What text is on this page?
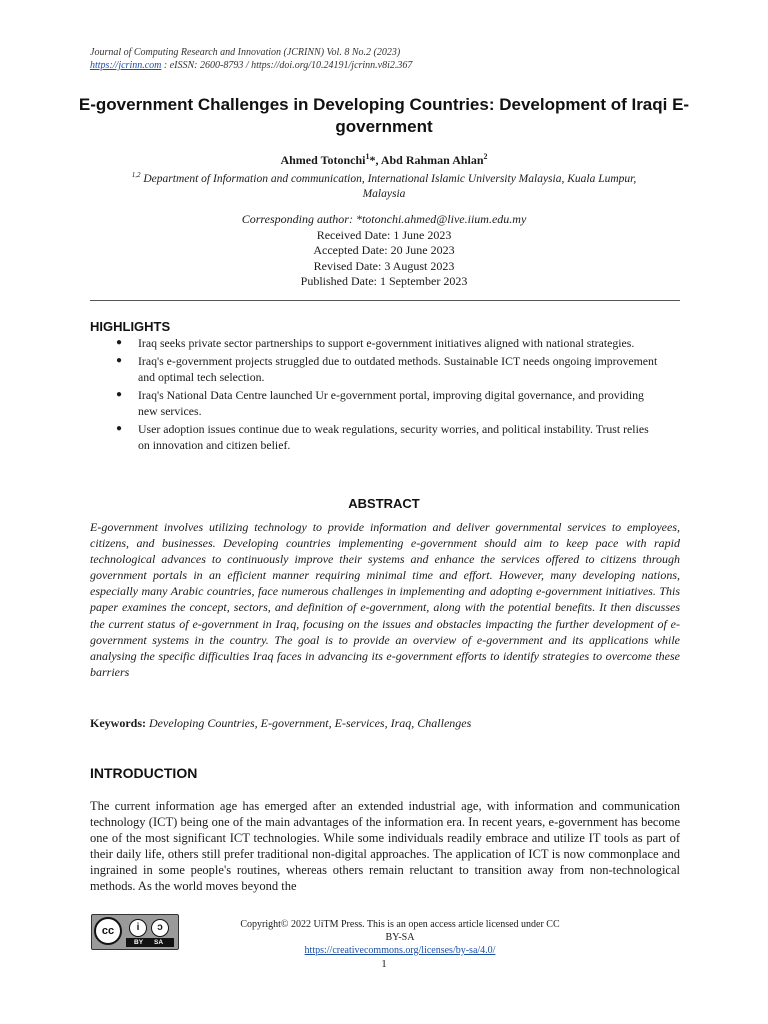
Journal of Computing Research and Innovation (JCRINN) Vol. 8 No.2 (2023)
https://jcrinn.com : eISSN: 2600-8793 / https://doi.org/10.24191/jcrinn.v8i2.367
E-government Challenges in Developing Countries: Development of Iraqi E-government
Ahmed Totonchi$^1$*, Abd Rahman Ahlan$^2$
$^{1,2}$ Department of Information and communication, International Islamic University Malaysia, Kuala Lumpur, Malaysia
Corresponding author: *totonchi.ahmed@live.iium.edu.my
Received Date: 1 June 2023
Accepted Date: 20 June 2023
Revised Date: 3 August 2023
Published Date: 1 September 2023
HIGHLIGHTS
● Iraq seeks private sector partnerships to support e-government initiatives aligned with national strategies.
● Iraq's e-government projects struggled due to outdated methods. Sustainable ICT needs ongoing improvement and optimal tech selection.
● Iraq's National Data Centre launched Ur e-government portal, improving digital governance, and providing new services.
● User adoption issues continue due to weak regulations, security worries, and political instability. Trust relies on innovation and citizen belief.
ABSTRACT
E-government involves utilizing technology to provide information and deliver governmental services to employees, citizens, and businesses. Developing countries implementing e-government should aim to keep pace with rapid technological advances to continuously improve their systems and enhance the services offered to citizens through government portals in an efficient manner requiring minimal time and effort. However, many developing nations, especially many Arabic countries, face numerous challenges in implementing and adopting e-government initiatives. This paper examines the concept, sectors, and definition of e-government, along with the potential benefits. It then discusses the current status of e-government in Iraq, focusing on the issues and obstacles impacting the further development of e-government systems in the country. The goal is to provide an overview of e-government and its applications while analysing the specific difficulties Iraq faces in advancing its e-government efforts to identify strategies to overcome these barriers
Keywords: Developing Countries, E-government, E-services, Iraq, Challenges
INTRODUCTION
The current information age has emerged after an extended industrial age, with information and communication technology (ICT) being one of the main advantages of the information era. In recent years, e-government has become one of the most significant ICT technologies. While some individuals readily embrace and utilize IT tools as part of their daily life, others still prefer traditional non-digital approaches. The application of ICT is now commonplace and ingrained in some people's routines, whereas others remain reluctant to transition away from non-technological methods. As the world moves beyond the
cc	i	ↄ
BY SA
Copyright© 2022 UiTM Press. This is an open access article licensed under CC BY-SA
https://creativecommons.org/licenses/by-sa/4.0/
1
